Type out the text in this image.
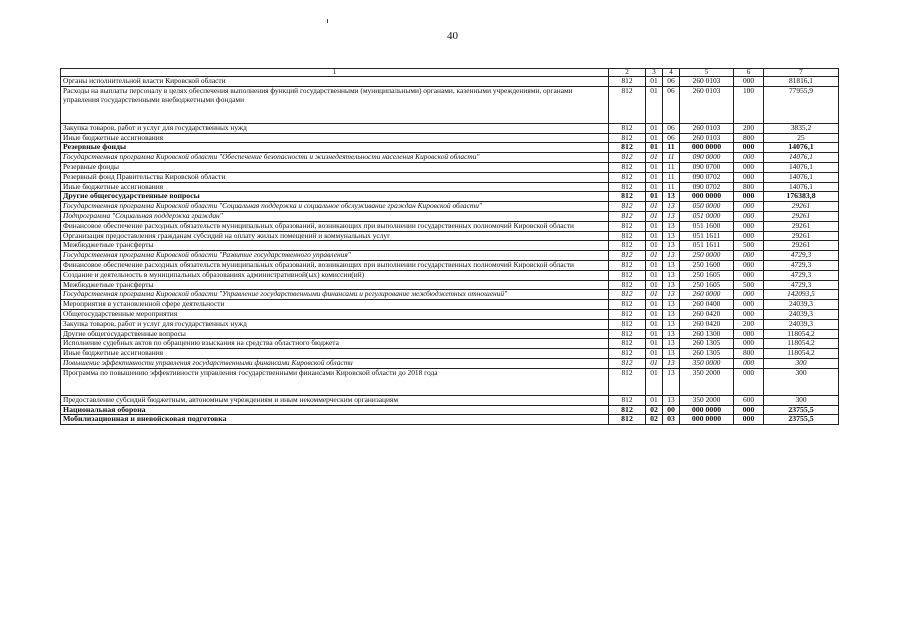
40
1	2	3	4	5	6	7
Органы исполнительной власти Кировской области	812	01	06	260 0103	000	81816,1
Расходы на выплаты персоналу в целях обеспечения выполнения функций государственными (муниципальными) органами, казенными учреждениями, органами управления государственными внебюджетными фондами	812	01	06	260 0103	100	77955,9
Закупка товаров, работ и услуг для государственных нужд	812	01	06	260 0103	200	3835,2
Иные бюджетные ассигнования	812	01	06	260 0103	800	25
Резервные фонды	812	01	11	000 0000	000	14076,1
Государственная программа Кировской области "Обеспечение безопасности и жизнедеятельности населения Кировской области"	812	01	11	090 0000	000	14076,1
Резервные фонды	812	01	11	090 0700	000	14076,1
Резервный фонд Правительства Кировской области	812	01	11	090 0702	000	14076,1
Иные бюджетные ассигнования	812	01	11	090 0702	800	14076,1
Другие общегосударственные вопросы	812	01	13	000 0000	000	176383,8
Государственная программа Кировской области "Социальная поддержка и социальное обслуживание граждан Кировской области"	812	01	13	050 0000	000	29261
Подпрограмма "Социальная поддержка граждан"	812	01	13	051 0000	000	29261
Финансовое обеспечение расходных обязательств муниципальных образований, возникающих при выполнении государственных полномочий Кировской области	812	01	13	051 1600	000	29261
Организация предоставления гражданам субсидий на оплату жилых помещений и коммунальных услуг	812	01	13	051 1611	000	29261
Межбюджетные трансферты	812	01	13	051 1611	500	29261
Государственная программа Кировской области "Развитие государственного управления"	812	01	13	250 0000	000	4729,3
Финансовое обеспечение расходных обязательств муниципальных образований, возникающих при выполнении государственных полномочий Кировской области	812	01	13	250 1600	000	4729,3
Создание и деятельность в муниципальных образованиях административной(ых) комиссии(ий)	812	01	13	250 1605	000	4729,3
Межбюджетные трансферты	812	01	13	250 1605	500	4729,3
Государственная программа Кировской области "Управление государственными финансами и регулирование межбюджетных отношений"	812	01	13	260 0000	000	142093,5
Мероприятия в установленной сфере деятельности	812	01	13	260 0400	000	24039,3
Общегосударственные мероприятия	812	01	13	260 0420	000	24039,3
Закупка товаров, работ и услуг для государственных нужд	812	01	13	260 0420	200	24039,3
Другие общегосударственные вопросы	812	01	13	260 1300	000	118054,2
Исполнение судебных актов по обращению взыскания на средства областного бюджета	812	01	13	260 1305	000	118054,2
Иные бюджетные ассигнования	812	01	13	260 1305	800	118054,2
Повышение эффективности управления государственными финансами Кировской области	812	01	13	350 0000	000	300
Программа по повышению эффективности управления государственными финансами Кировской области до 2018 года	812	01	13	350 2000	000	300
Предоставление субсидий бюджетным, автономным учреждениям и иным некоммерческим организациям	812	01	13	350 2000	600	300
Национальная оборона	812	02	00	000 0000	000	23755,5
Мобилизационная и вневойсковая подготовка	812	02	03	000 0000	000	23755,5
